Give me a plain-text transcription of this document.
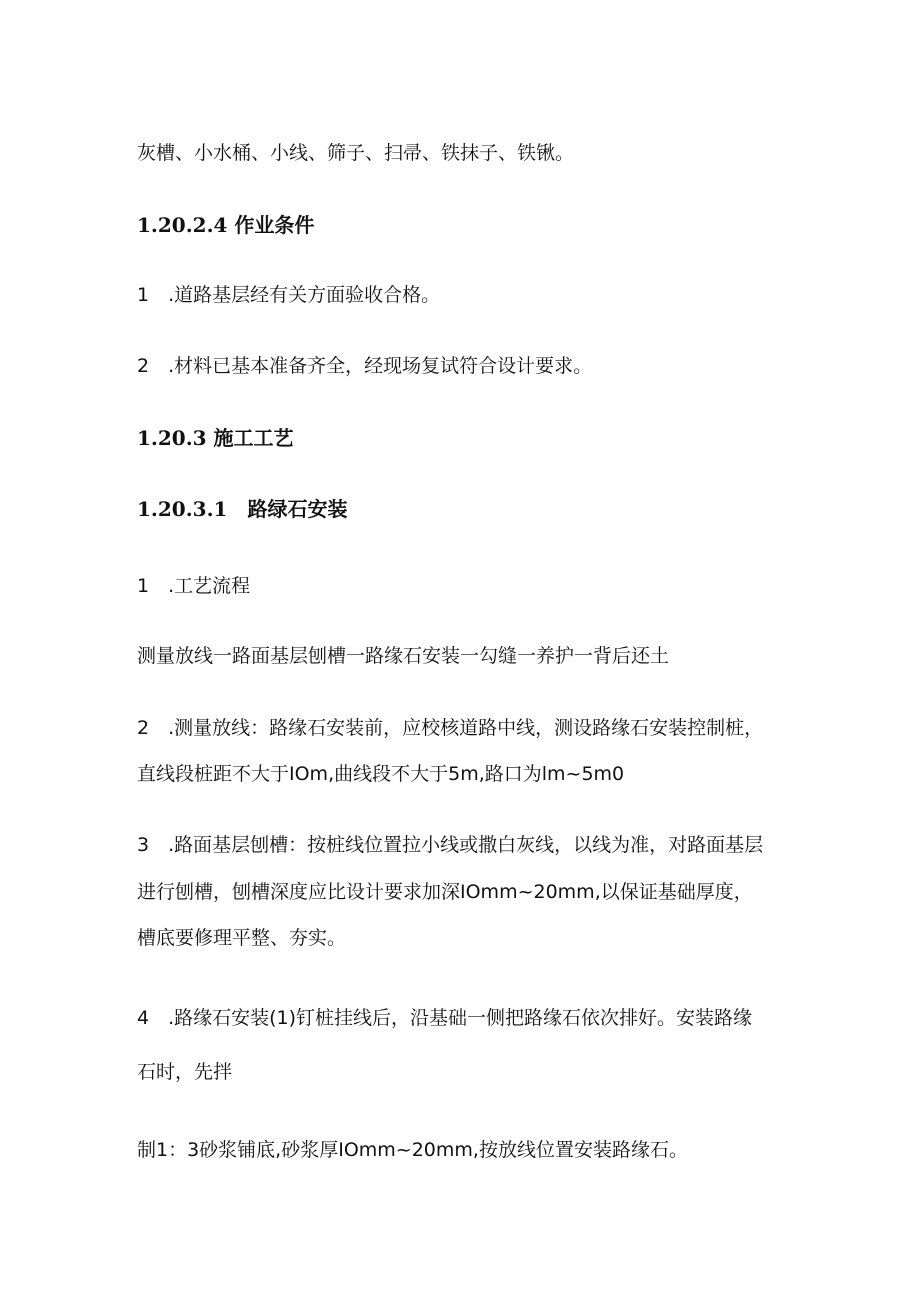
灰槽、小水桶、小线、筛子、扫帚、铁抹子、铁锹。

1.20.2.4 作业条件

1　.道路基层经有关方面验收合格。

2　.材料已基本准备齐全，经现场复试符合设计要求。

1.20.3 施工工艺

1.20.3.1　路绿石安装

1　.工艺流程

测量放线一路面基层刨槽一路缘石安装一勾缝一养护一背后还土

2　.测量放线：路缘石安装前，应校核道路中线，测设路缘石安装控制桩，

直线段桩距不大于IOm,曲线段不大于5m,路口为lm~5m0

3　.路面基层刨槽：按桩线位置拉小线或撒白灰线，以线为准，对路面基层

进行刨槽，刨槽深度应比设计要求加深IOmm~20mm,以保证基础厚度，

槽底要修理平整、夯实。

4　.路缘石安装(1)钉桩挂线后，沿基础一侧把路缘石依次排好。安装路缘

石时，先拌

制1：3砂浆铺底,砂浆厚IOmm~20mm,按放线位置安装路缘石。
